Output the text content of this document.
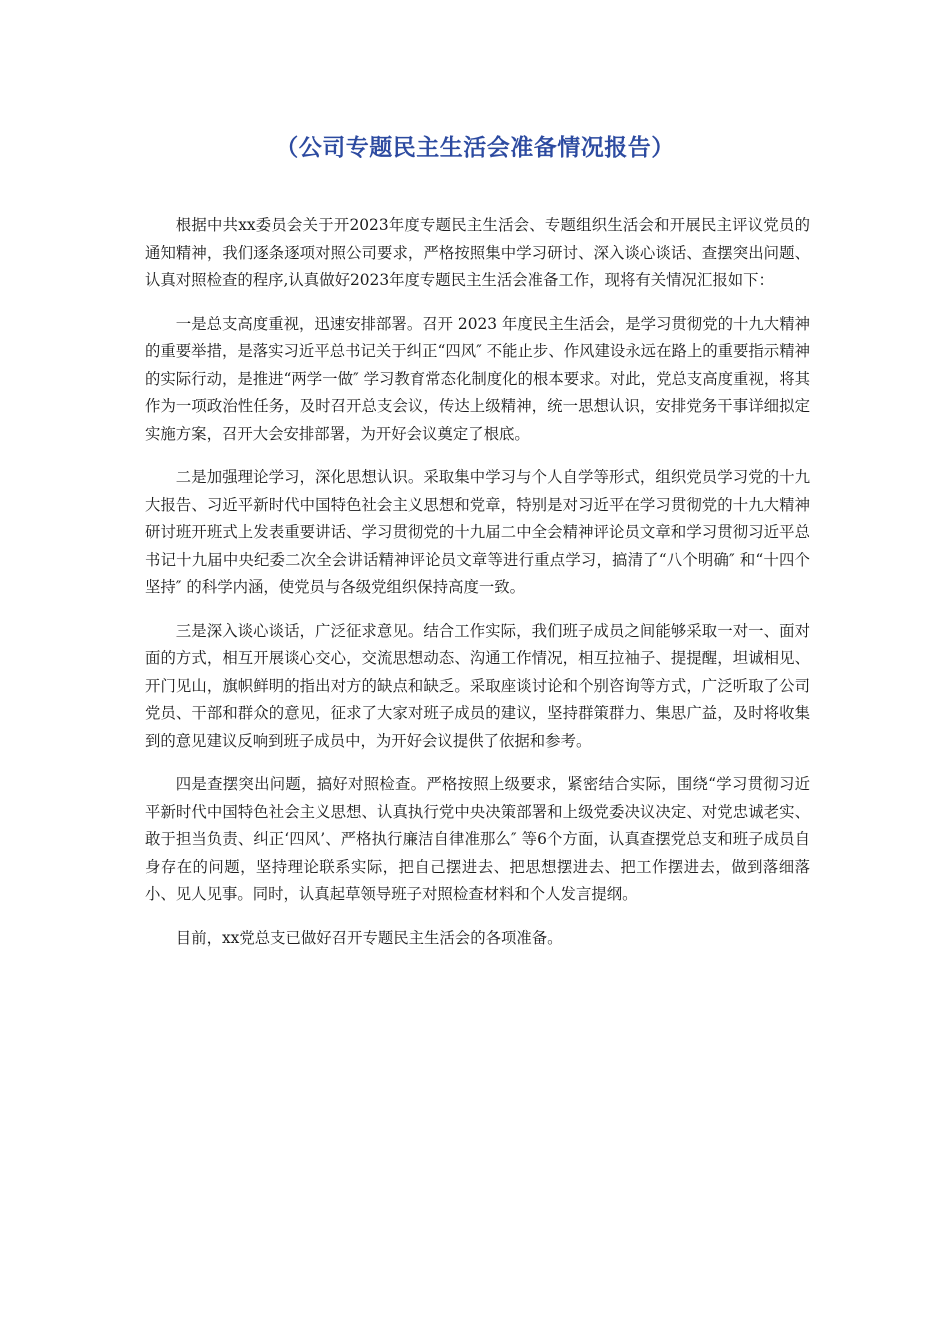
（公司专题民主生活会准备情况报告）

根据中共xx委员会关于开2023年度专题民主生活会、专题组织生活会和开展民主评议党员的通知精神，我们逐条逐项对照公司要求，严格按照集中学习研讨、深入谈心谈话、查摆突出问题、认真对照检查的程序,认真做好2023年度专题民主生活会准备工作，现将有关情况汇报如下：

一是总支高度重视，迅速安排部署。召开 2023 年度民主生活会，是学习贯彻党的十九大精神的重要举措，是落实习近平总书记关于纠正“四风″ 不能止步、作风建设永远在路上的重要指示精神的实际行动，是推进“两学一做″ 学习教育常态化制度化的根本要求。对此，党总支高度重视，将其作为一项政治性任务，及时召开总支会议，传达上级精神，统一思想认识，安排党务干事详细拟定实施方案，召开大会安排部署，为开好会议奠定了根底。

二是加强理论学习，深化思想认识。采取集中学习与个人自学等形式，组织党员学习党的十九大报告、习近平新时代中国特色社会主义思想和党章，特别是对习近平在学习贯彻党的十九大精神研讨班开班式上发表重要讲话、学习贯彻党的十九届二中全会精神评论员文章和学习贯彻习近平总书记十九届中央纪委二次全会讲话精神评论员文章等进行重点学习，搞清了“八个明确″ 和“十四个坚持″ 的科学内涵，使党员与各级党组织保持高度一致。

三是深入谈心谈话，广泛征求意见。结合工作实际，我们班子成员之间能够采取一对一、面对面的方式，相互开展谈心交心，交流思想动态、沟通工作情况，相互拉袖子、提提醒，坦诚相见、开门见山，旗帜鲜明的指出对方的缺点和缺乏。采取座谈讨论和个别咨询等方式，广泛听取了公司党员、干部和群众的意见，征求了大家对班子成员的建议，坚持群策群力、集思广益，及时将收集到的意见建议反响到班子成员中，为开好会议提供了依据和参考。

四是查摆突出问题，搞好对照检查。严格按照上级要求，紧密结合实际，围绕“学习贯彻习近平新时代中国特色社会主义思想、认真执行党中央决策部署和上级党委决议决定、对党忠诚老实、敢于担当负责、纠正‘四风’、严格执行廉洁自律准那么″ 等6个方面，认真查摆党总支和班子成员自身存在的问题，坚持理论联系实际，把自己摆进去、把思想摆进去、把工作摆进去，做到落细落小、见人见事。同时，认真起草领导班子对照检查材料和个人发言提纲。

目前，xx党总支已做好召开专题民主生活会的各项准备。
